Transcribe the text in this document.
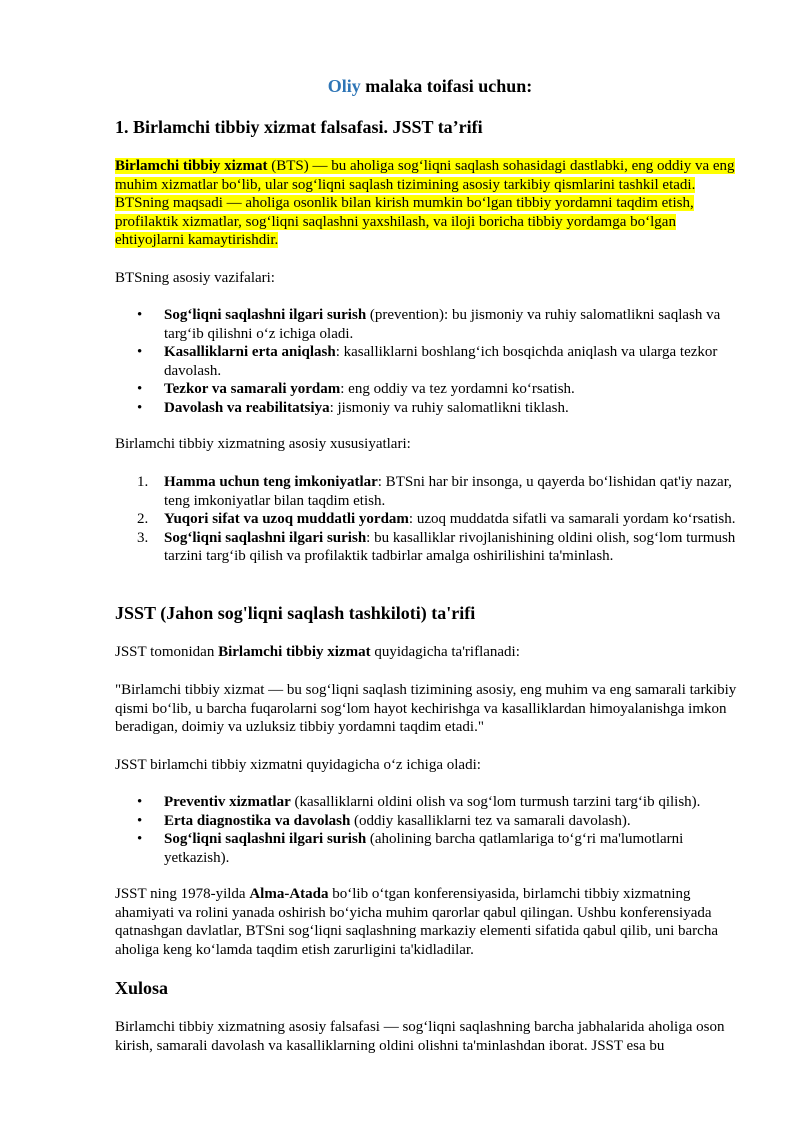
Oliy malaka toifasi uchun:
1. Birlamchi tibbiy xizmat falsafasi. JSST ta’rifi

Birlamchi tibbiy xizmat (BTS) — bu aholiga sog‘liqni saqlash sohasidagi dastlabki, eng oddiy va eng muhim xizmatlar bo‘lib, ular sog‘liqni saqlash tizimining asosiy tarkibiy qismlarini tashkil etadi. BTSning maqsadi — aholiga osonlik bilan kirish mumkin bo‘lgan tibbiy yordamni taqdim etish, profilaktik xizmatlar, sog‘liqni saqlashni yaxshilash, va iloji boricha tibbiy yordamga bo‘lgan ehtiyojlarni kamaytirishdir.

BTSning asosiy vazifalari:

• Sog‘liqni saqlashni ilgari surish (prevention): bu jismoniy va ruhiy salomatlikni saqlash va targ‘ib qilishni o‘z ichiga oladi.
• Kasalliklarni erta aniqlash: kasalliklarni boshlang‘ich bosqichda aniqlash va ularga tezkor davolash.
• Tezkor va samarali yordam: eng oddiy va tez yordamni ko‘rsatish.
• Davolash va reabilitatsiya: jismoniy va ruhiy salomatlikni tiklash.

Birlamchi tibbiy xizmatning asosiy xususiyatlari:

1. Hamma uchun teng imkoniyatlar: BTSni har bir insonga, u qayerda bo‘lishidan qat'iy nazar, teng imkoniyatlar bilan taqdim etish.
2. Yuqori sifat va uzoq muddatli yordam: uzoq muddatda sifatli va samarali yordam ko‘rsatish.
3. Sog‘liqni saqlashni ilgari surish: bu kasalliklar rivojlanishining oldini olish, sog‘lom turmush tarzini targ‘ib qilish va profilaktik tadbirlar amalga oshirilishini ta'minlash.
JSST (Jahon sog'liqni saqlash tashkiloti) ta'rifi

JSST tomonidan Birlamchi tibbiy xizmat quyidagicha ta'riflanadi:

"Birlamchi tibbiy xizmat — bu sog‘liqni saqlash tizimining asosiy, eng muhim va eng samarali tarkibiy qismi bo‘lib, u barcha fuqarolarni sog‘lom hayot kechirishga va kasalliklardan himoyalanishga imkon beradigan, doimiy va uzluksiz tibbiy yordamni taqdim etadi."

JSST birlamchi tibbiy xizmatni quyidagicha o‘z ichiga oladi:

• Preventiv xizmatlar (kasalliklarni oldini olish va sog‘lom turmush tarzini targ‘ib qilish).
• Erta diagnostika va davolash (oddiy kasalliklarni tez va samarali davolash).
• Sog‘liqni saqlashni ilgari surish (aholining barcha qatlamlariga to‘g‘ri ma'lumotlarni yetkazish).

JSST ning 1978-yilda Alma-Atada bo‘lib o‘tgan konferensiyasida, birlamchi tibbiy xizmatning ahamiyati va rolini yanada oshirish bo‘yicha muhim qarorlar qabul qilingan. Ushbu konferensiyada qatnashgan davlatlar, BTSni sog‘liqni saqlashning markaziy elementi sifatida qabul qilib, uni barcha aholiga keng ko‘lamda taqdim etish zarurligini ta'kidladilar.

Xulosa

Birlamchi tibbiy xizmatning asosiy falsafasi — sog‘liqni saqlashning barcha jabhalarida aholiga oson kirish, samarali davolash va kasalliklarning oldini olishni ta'minlashdan iborat. JSST esa bu
